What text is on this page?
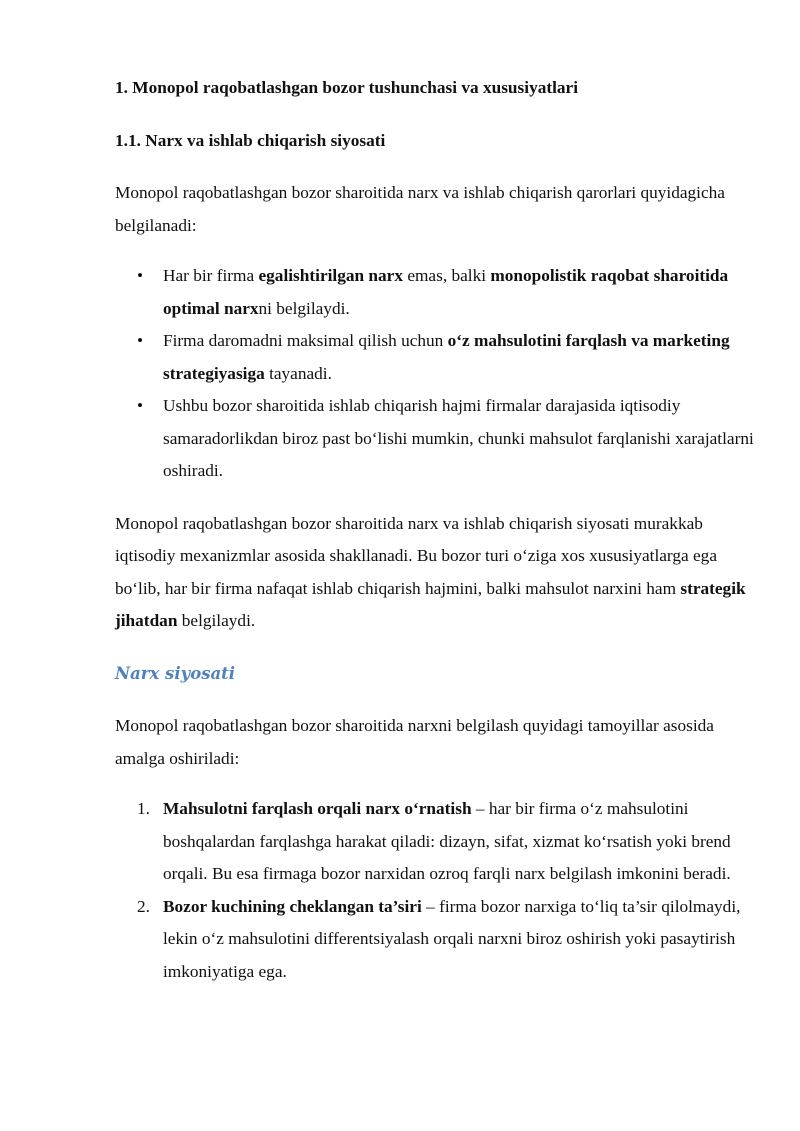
1. Monopol raqobatlashgan bozor tushunchasi va xususiyatlari
1.1. Narx va ishlab chiqarish siyosati

Monopol raqobatlashgan bozor sharoitida narx va ishlab chiqarish qarorlari quyidagicha belgilanadi:

• Har bir firma egalishtirilgan narx emas, balki monopolistik raqobat sharoitida optimal narxni belgilaydi.
• Firma daromadni maksimal qilish uchun o‘z mahsulotini farqlash va marketing strategiyasiga tayanadi.
• Ushbu bozor sharoitida ishlab chiqarish hajmi firmalar darajasida iqtisodiy samaradorlikdan biroz past bo‘lishi mumkin, chunki mahsulot farqlanishi xarajatlarni oshiradi.

Monopol raqobatlashgan bozor sharoitida narx va ishlab chiqarish siyosati murakkab iqtisodiy mexanizmlar asosida shakllanadi. Bu bozor turi o‘ziga xos xususiyatlarga ega bo‘lib, har bir firma nafaqat ishlab chiqarish hajmini, balki mahsulot narxini ham strategik jihatdan belgilaydi.

Narx siyosati

Monopol raqobatlashgan bozor sharoitida narxni belgilash quyidagi tamoyillar asosida amalga oshiriladi:

1. Mahsulotni farqlash orqali narx o‘rnatish – har bir firma o‘z mahsulotini boshqalardan farqlashga harakat qiladi: dizayn, sifat, xizmat ko‘rsatish yoki brend orqali. Bu esa firmaga bozor narxidan ozroq farqli narx belgilash imkonini beradi.
2. Bozor kuchining cheklangan ta’siri – firma bozor narxiga to‘liq ta’sir qilolmaydi, lekin o‘z mahsulotini differentsiyalash orqali narxni biroz oshirish yoki pasaytirish imkoniyatiga ega.
